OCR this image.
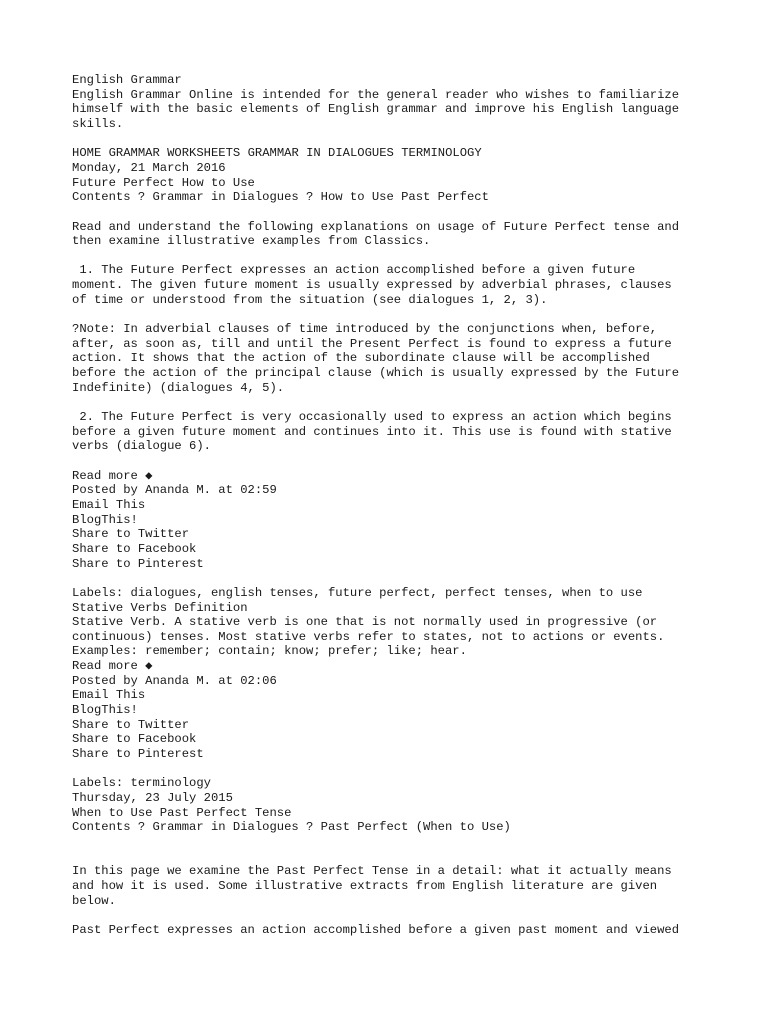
English Grammar
English Grammar Online is intended for the general reader who wishes to familiarize
himself with the basic elements of English grammar and improve his English language
skills.
HOME GRAMMAR WORKSHEETS GRAMMAR IN DIALOGUES TERMINOLOGY
Monday, 21 March 2016
Future Perfect How to Use
Contents ? Grammar in Dialogues ? How to Use Past Perfect
Read and understand the following explanations on usage of Future Perfect tense and
then examine illustrative examples from Classics.
1. The Future Perfect expresses an action accomplished before a given future
moment. The given future moment is usually expressed by adverbial phrases, clauses
of time or understood from the situation (see dialogues 1, 2, 3).
?Note: In adverbial clauses of time introduced by the conjunctions when, before,
after, as soon as, till and until the Present Perfect is found to express a future
action. It shows that the action of the subordinate clause will be accomplished
before the action of the principal clause (which is usually expressed by the Future
Indefinite) (dialogues 4, 5).
2. The Future Perfect is very occasionally used to express an action which begins
before a given future moment and continues into it. This use is found with stative
verbs (dialogue 6).
Read more ◆
Posted by Ananda M. at 02:59
Email This
BlogThis!
Share to Twitter
Share to Facebook
Share to Pinterest
Labels: dialogues, english tenses, future perfect, perfect tenses, when to use
Stative Verbs Definition
Stative Verb. A stative verb is one that is not normally used in progressive (or
continuous) tenses. Most stative verbs refer to states, not to actions or events.
Examples: remember; contain; know; prefer; like; hear.
Read more ◆
Posted by Ananda M. at 02:06
Email This
BlogThis!
Share to Twitter
Share to Facebook
Share to Pinterest
Labels: terminology
Thursday, 23 July 2015
When to Use Past Perfect Tense
Contents ? Grammar in Dialogues ? Past Perfect (When to Use)
In this page we examine the Past Perfect Tense in a detail: what it actually means
and how it is used. Some illustrative extracts from English literature are given
below.
Past Perfect expresses an action accomplished before a given past moment and viewed
